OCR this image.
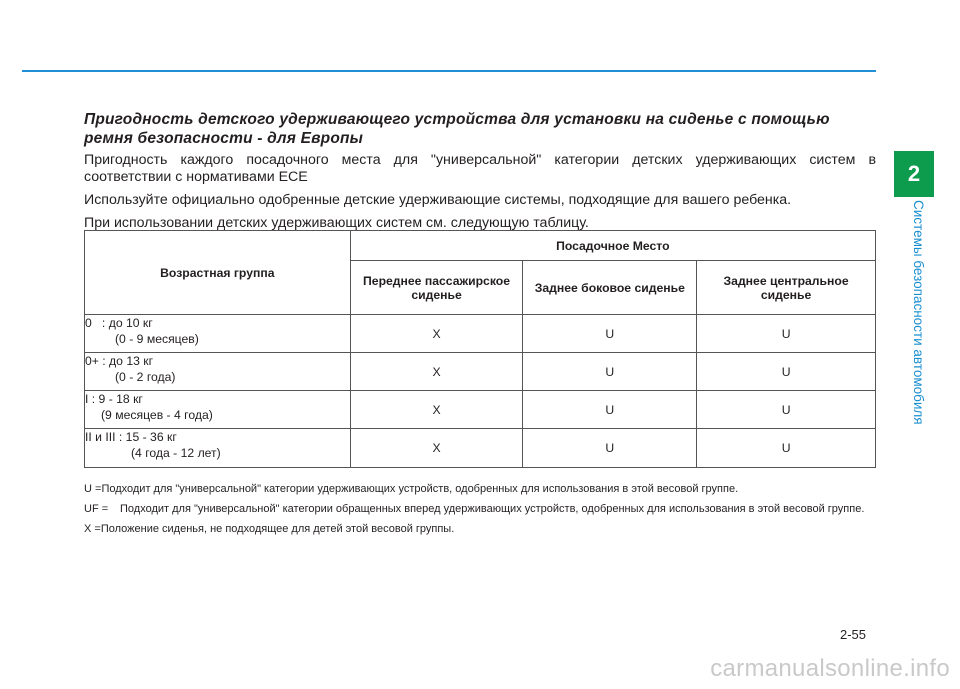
2
Системы безопасности автомобиля
Пригодность детского удерживающего устройства для установки на сиденье с помощью ремня безопасности - для Европы

Пригодность каждого посадочного места для "универсальной" категории детских удерживающих систем в соответствии с нормативами ECE

Используйте официально одобренные детские удерживающие системы, подходящие для вашего ребенка.

При использовании детских удерживающих систем см. следующую таблицу.

Возрастная группа	Посадочное Место		
	Переднее пассажирское сиденье	Заднее боковое сиденье	Заднее центральное сиденье

0   : до 10 кг
(0 - 9 месяцев)	X	U	U

0+ : до 13 кг
(0 - 2 года)	X	U	U

I : 9 - 18 кг
(9 месяцев - 4 года)	X	U	U

II и III : 15 - 36 кг
(4 года - 12 лет)	X	U	U
U = Подходит для "универсальной" категории удерживающих устройств, одобренных для использования в этой весовой группе.
UF =	Подходит для "универсальной" категории обращенных вперед удерживающих устройств, одобренных для использования в этой весовой группе.
X = Положение сиденья, не подходящее для детей этой весовой группы.
2-55
carmanualsonline.info
